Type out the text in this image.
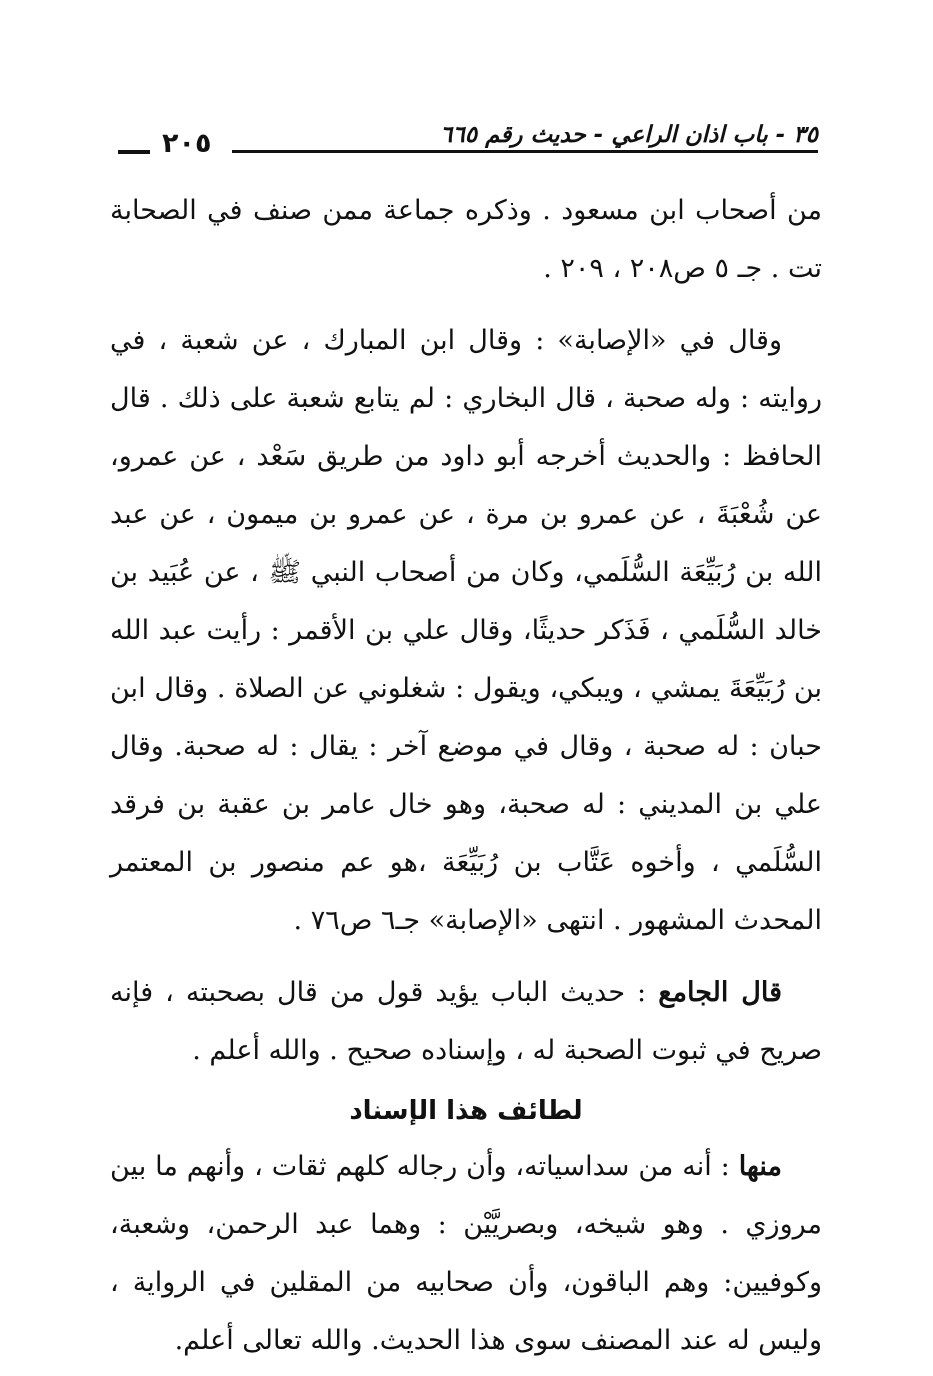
٢٠٥	٣٥ - باب اذان الراعي - حديث رقم ٦٦٥

من أصحاب ابن مسعود . وذكره جماعة ممن صنف في الصحابة تت . جـ ٥ ص٢٠٨ ، ٢٠٩ .

وقال في «الإصابة» : وقال ابن المبارك ، عن شعبة ، في روايته : وله صحبة ، قال البخاري : لم يتابع شعبة على ذلك . قال الحافظ : والحديث أخرجه أبو داود من طريق سَعْد ، عن عمرو، عن شُعْبَةَ ، عن عمرو بن مرة ، عن عمرو بن ميمون ، عن عبد الله بن رُبَيِّعَة السُّلَمي، وكان من أصحاب النبي ﷺ ، عن عُبَيد بن خالد السُّلَمي ، فَذَكر حديثًا، وقال علي بن الأقمر : رأيت عبد الله بن رُبَيِّعَةَ يمشي ، ويبكي، ويقول : شغلوني عن الصلاة . وقال ابن حبان : له صحبة ، وقال في موضع آخر : يقال : له صحبة. وقال علي بن المديني : له صحبة، وهو خال عامر بن عقبة بن فرقد السُّلَمي ، وأخوه عَتَّاب بن رُبَيِّعَة ،هو عم منصور بن المعتمر المحدث المشهور . انتهى «الإصابة» جـ٦ ص٧٦ .

قال الجامع : حديث الباب يؤيد قول من قال بصحبته ، فإنه صريح في ثبوت الصحبة له ، وإسناده صحيح . والله أعلم .

لطائف هذا الإسناد

منها : أنه من سداسياته، وأن رجاله كلهم ثقات ، وأنهم ما بين مروزي . وهو شيخه، وبصريَّيْن : وهما عبد الرحمن، وشعبة، وكوفيين: وهم الباقون، وأن صحابيه من المقلين في الرواية ، وليس له عند المصنف سوى هذا الحديث. والله تعالى أعلم.
